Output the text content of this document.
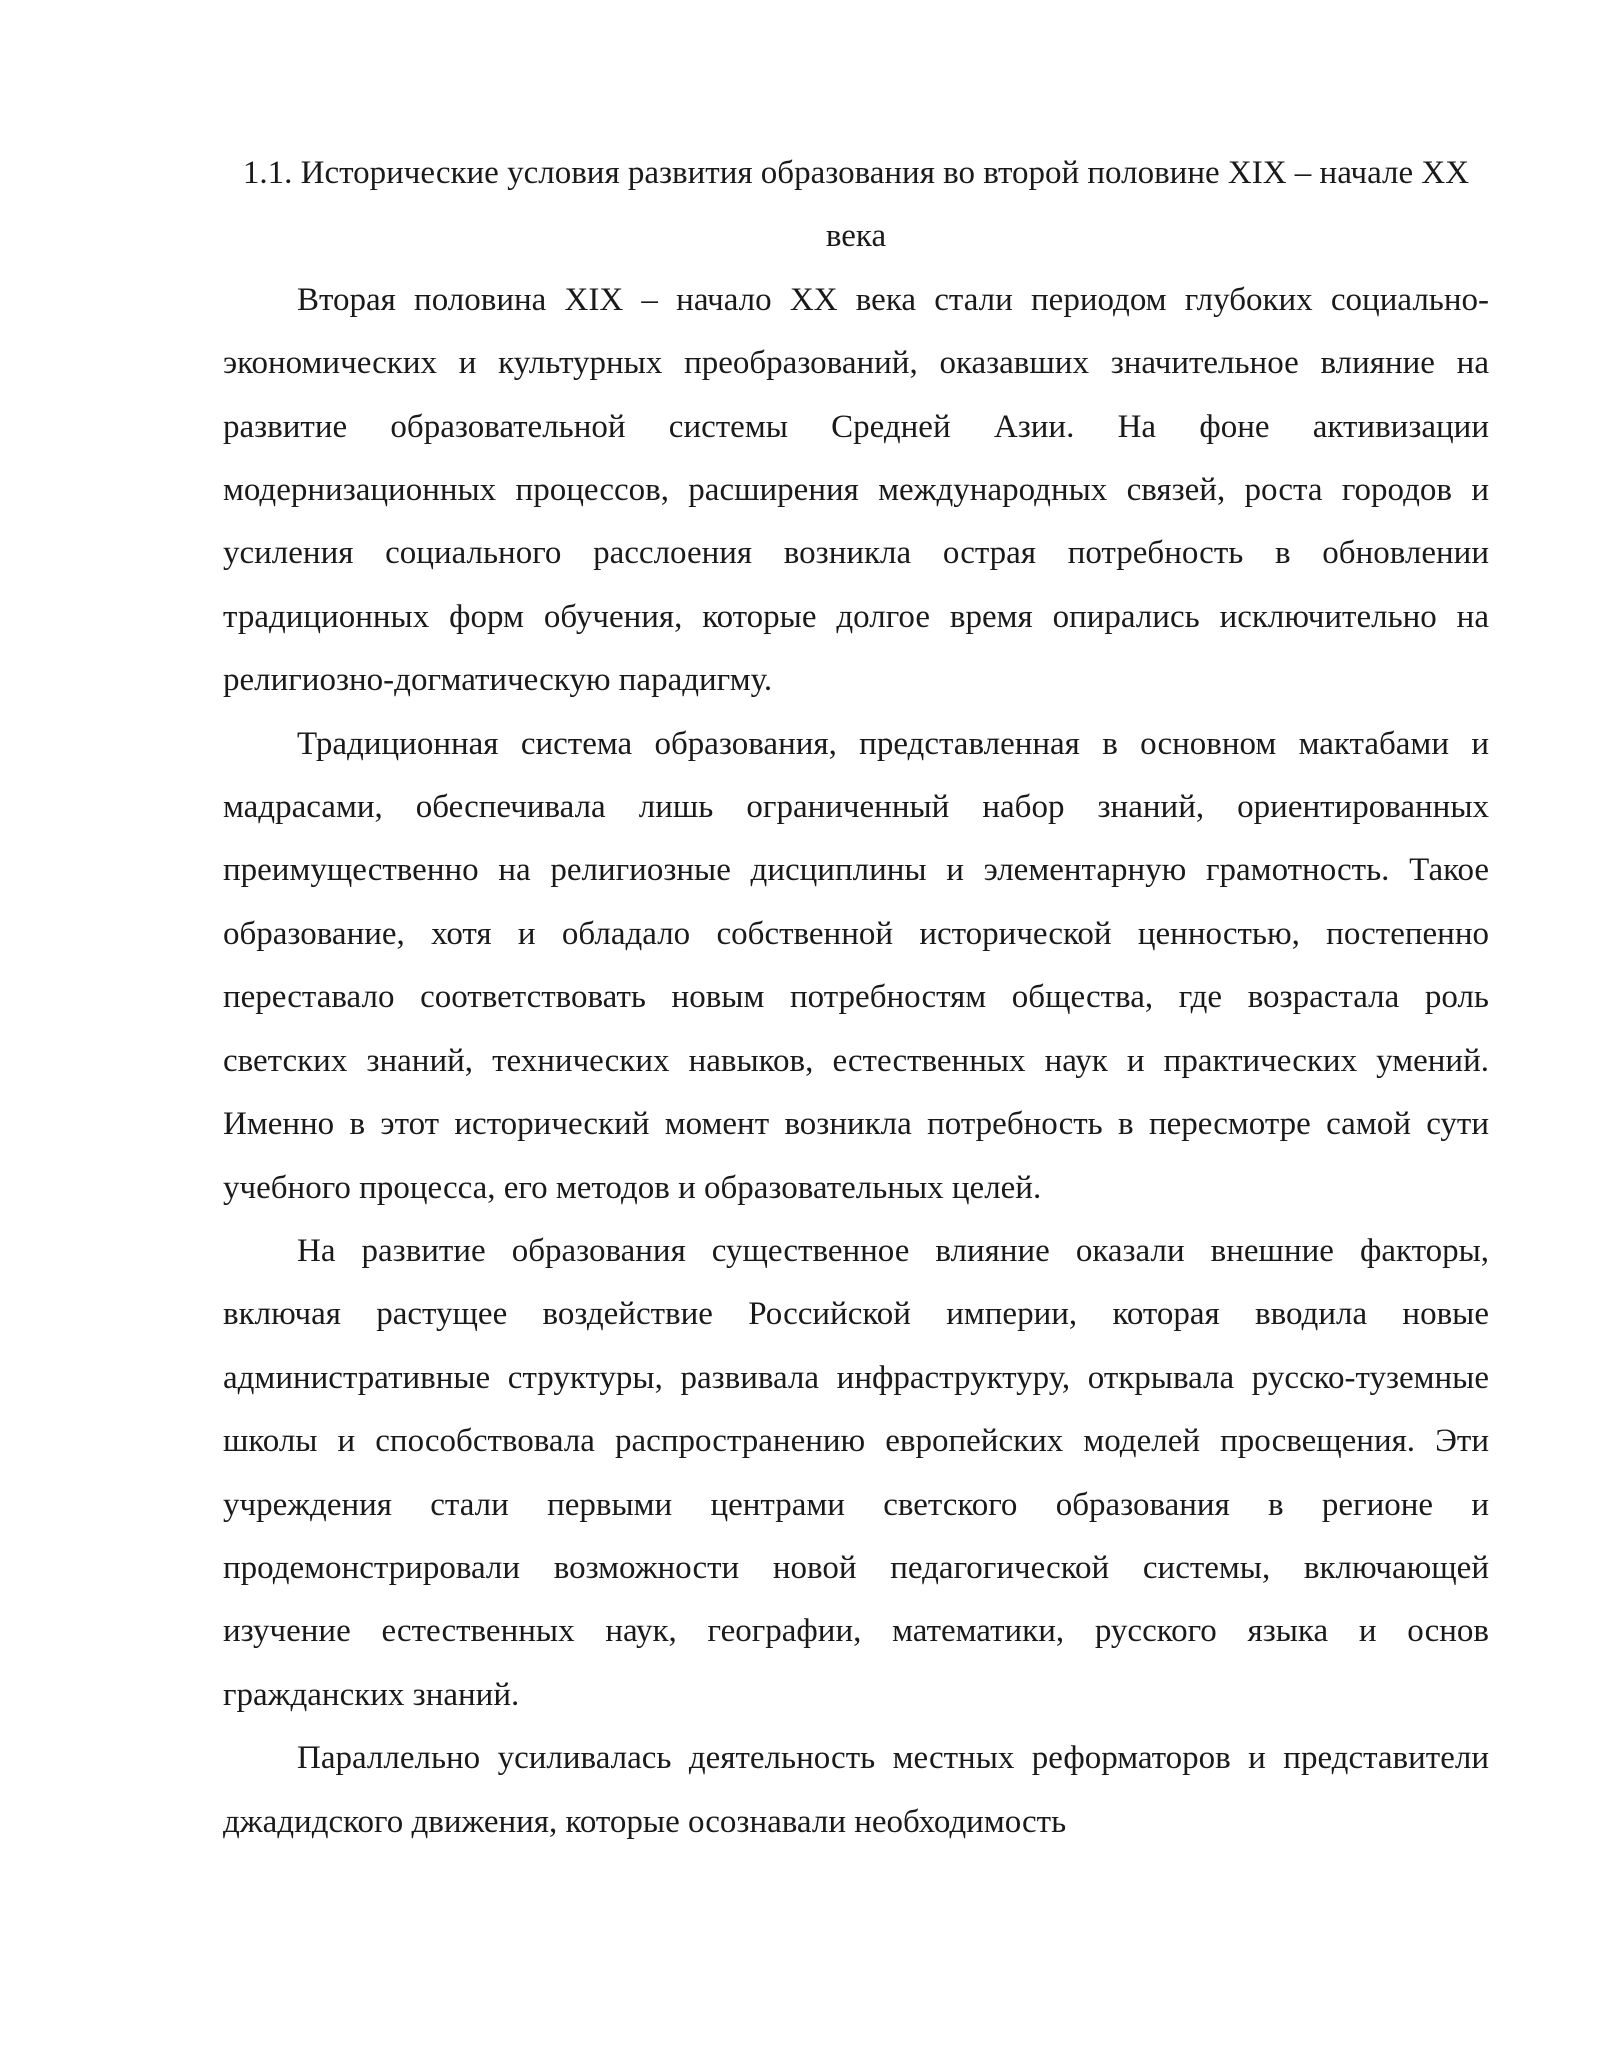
1.1. Исторические условия развития образования во второй половине XIX – начале XX века

Вторая половина XIX – начало XX века стали периодом глубоких социально-экономических и культурных преобразований, оказавших значительное влияние на развитие образовательной системы Средней Азии. На фоне активизации модернизационных процессов, расширения международных связей, роста городов и усиления социального расслоения возникла острая потребность в обновлении традиционных форм обучения, которые долгое время опирались исключительно на религиозно-догматическую парадигму.

Традиционная система образования, представленная в основном мактабами и мадрасами, обеспечивала лишь ограниченный набор знаний, ориентированных преимущественно на религиозные дисциплины и элементарную грамотность. Такое образование, хотя и обладало собственной исторической ценностью, постепенно переставало соответствовать новым потребностям общества, где возрастала роль светских знаний, технических навыков, естественных наук и практических умений. Именно в этот исторический момент возникла потребность в пересмотре самой сути учебного процесса, его методов и образовательных целей.

На развитие образования существенное влияние оказали внешние факторы, включая растущее воздействие Российской империи, которая вводила новые административные структуры, развивала инфраструктуру, открывала русско-туземные школы и способствовала распространению европейских моделей просвещения. Эти учреждения стали первыми центрами светского образования в регионе и продемонстрировали возможности новой педагогической системы, включающей изучение естественных наук, географии, математики, русского языка и основ гражданских знаний.

Параллельно усиливалась деятельность местных реформаторов и представители джадидского движения, которые осознавали необходимость
